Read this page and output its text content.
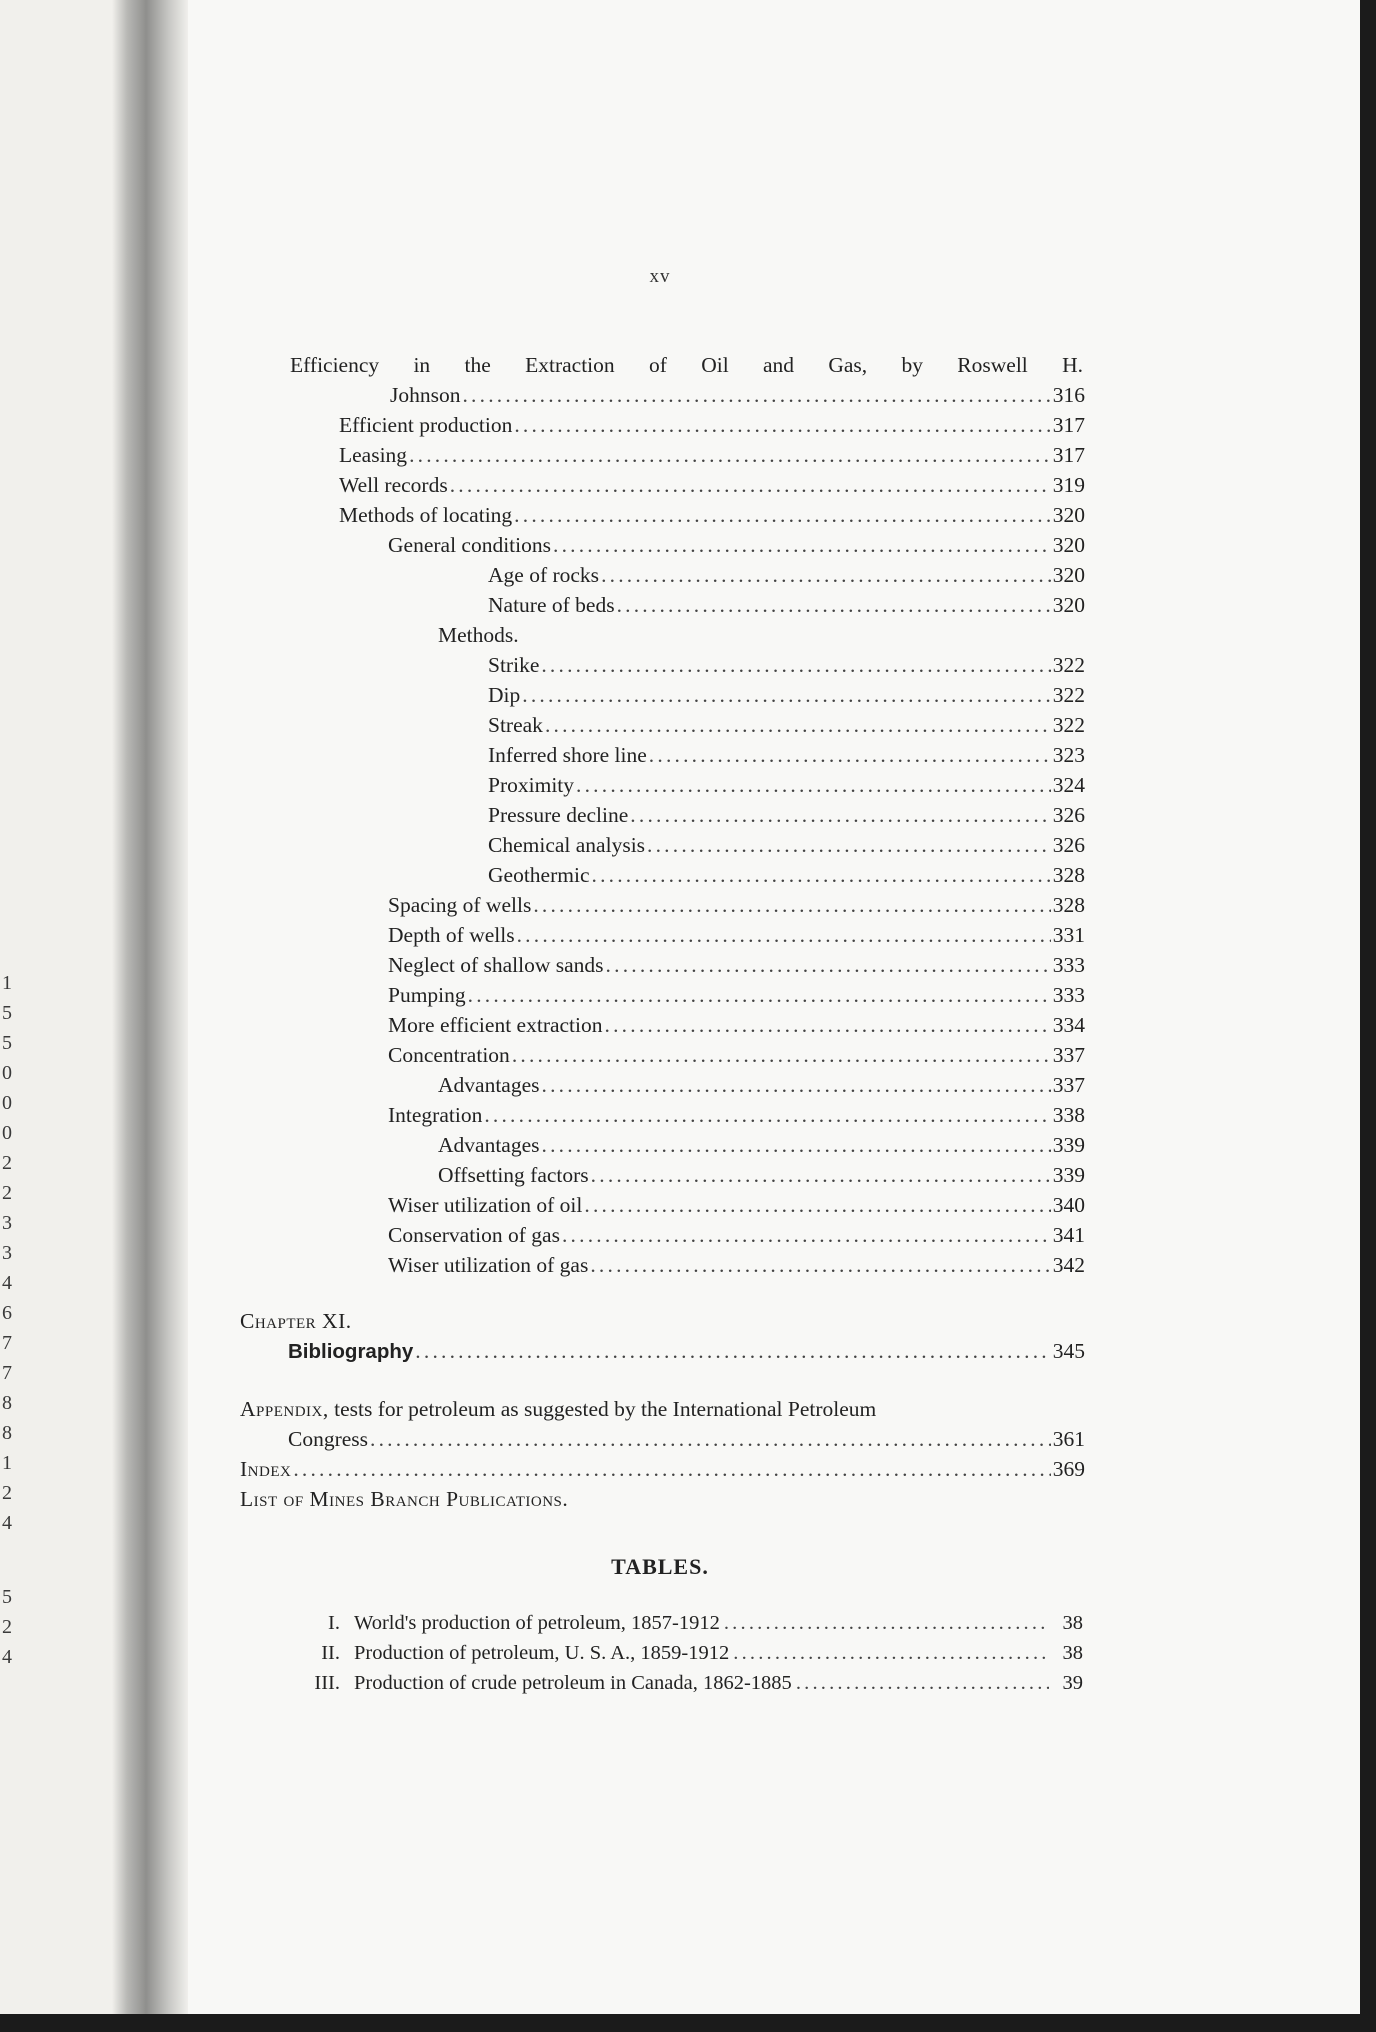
1
5
5
0
0
0
2
2
3
3
4
6
7
7
8
8
1
2
4
5
2
4
xv
Efficiency in the Extraction of Oil and Gas, by Roswell H.
Johnson .....	316
Efficient production .....	317
Leasing .....	317
Well records .....	319
Methods of locating .....	320
General conditions .....	320
Age of rocks .....	320
Nature of beds .....	320
Methods.
Strike .....	322
Dip .....	322
Streak .....	322
Inferred shore line .....	323
Proximity .....	324
Pressure decline .....	326
Chemical analysis .....	326
Geothermic .....	328
Spacing of wells .....	328
Depth of wells .....	331
Neglect of shallow sands .....	333
Pumping .....	333
More efficient extraction .....	334
Concentration .....	337
Advantages .....	337
Integration .....	338
Advantages .....	339
Offsetting factors .....	339
Wiser utilization of oil .....	340
Conservation of gas .....	341
Wiser utilization of gas .....	342
Chapter XI.
Bibliography .....	345
Appendix, tests for petroleum as suggested by the International Petroleum
Congress .....	361
Index .....	369
List of Mines Branch Publications.
TABLES.
I. World's production of petroleum, 1857-1912 .....	38
II. Production of petroleum, U. S. A., 1859-1912 .....	38
III. Production of crude petroleum in Canada, 1862-1885 .....	39
